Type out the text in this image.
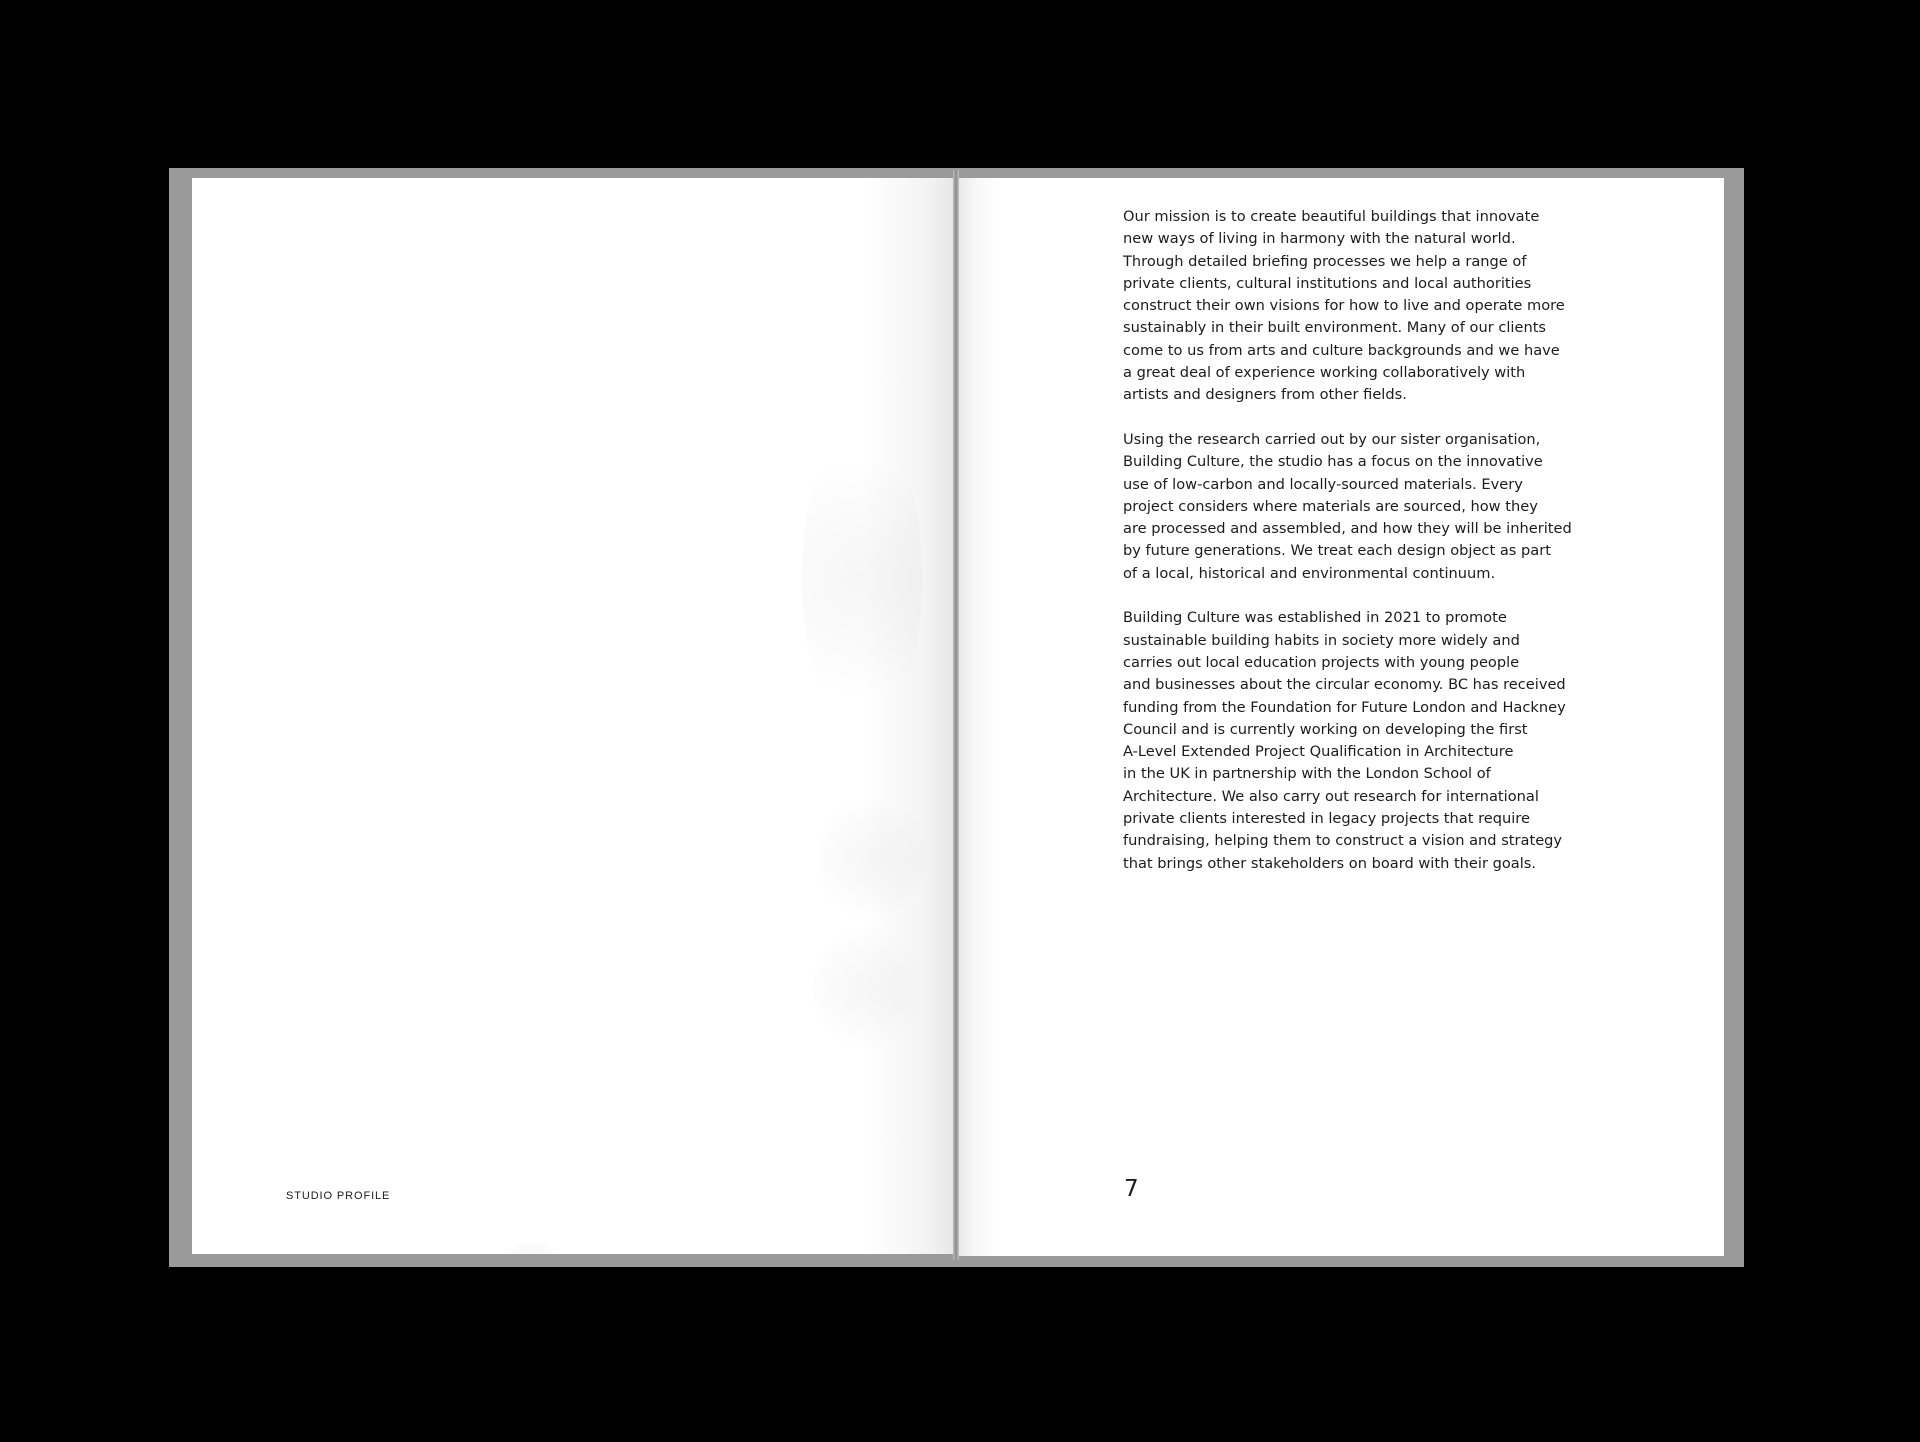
STUDIO PROFILE

Our mission is to create beautiful buildings that innovate
new ways of living in harmony with the natural world.
Through detailed briefing processes we help a range of
private clients, cultural institutions and local authorities
construct their own visions for how to live and operate more
sustainably in their built environment. Many of our clients
come to us from arts and culture backgrounds and we have
a great deal of experience working collaboratively with
artists and designers from other fields.

Using the research carried out by our sister organisation,
Building Culture, the studio has a focus on the innovative
use of low-carbon and locally-sourced materials. Every
project considers where materials are sourced, how they
are processed and assembled, and how they will be inherited
by future generations. We treat each design object as part
of a local, historical and environmental continuum.

Building Culture was established in 2021 to promote
sustainable building habits in society more widely and
carries out local education projects with young people
and businesses about the circular economy. BC has received
funding from the Foundation for Future London and Hackney
Council and is currently working on developing the first
A-Level Extended Project Qualification in Architecture
in the UK in partnership with the London School of
Architecture. We also carry out research for international
private clients interested in legacy projects that require
fundraising, helping them to construct a vision and strategy
that brings other stakeholders on board with their goals.

7
